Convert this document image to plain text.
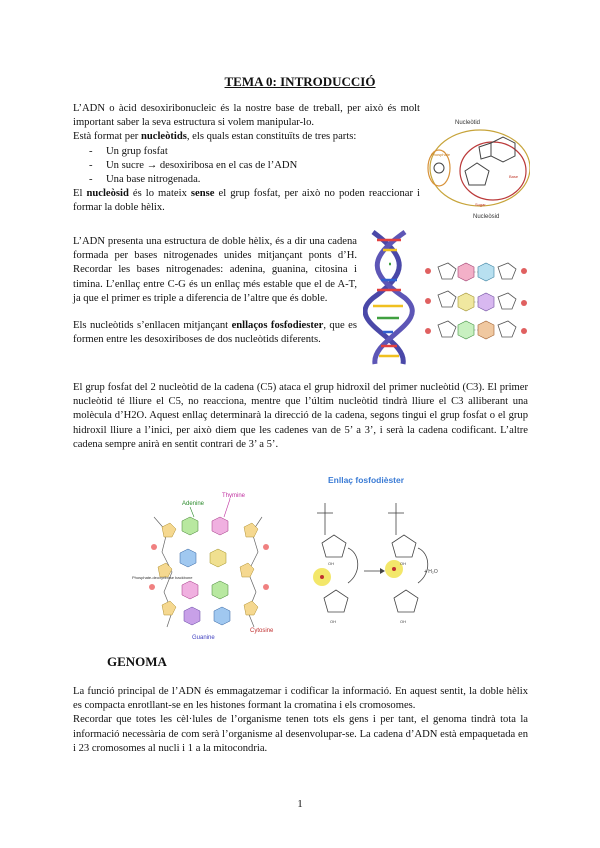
TEMA 0: INTRODUCCIÓ

L’ADN o àcid desoxiribonucleic és la nostre base de treball, per això és molt important saber la seva estructura si volem manipular-lo.

Està format per nucleòtids, els quals estan constituïts de tres parts:

- Un grup fosfat
- Un sucre → desoxiribosa en el cas de l’ADN
- Una base nitrogenada.

El nucleòsid és lo mateix sense el grup fosfat, per això no poden reaccionar i formar la doble hèlix.

Nucleòtid
Phosphate
Base
Sugar
Nucleòsid

L’ADN presenta una estructura de doble hèlix, és a dir una cadena formada per bases nitrogenades unides mitjançant ponts d’H. Recordar les bases nitrogenades: adenina, guanina, citosina i timina. L’enllaç entre C-G és un enllaç més estable que el de A-T, ja que el primer es triple a diferencia de l’altre que és doble.

Els nucleòtids s’enllacen mitjançant enllaços fosfodiester, que es formen entre les desoxiriboses de dos nucleòtids diferents.

El grup fosfat del 2 nucleòtid de la cadena (C5) ataca el grup hidroxil del primer nucleòtid (C3). El primer nucleòtid té lliure el C5, no reacciona, mentre que l’últim nucleòtid tindrà lliure el C3 alliberant una molècula d’H2O. Aquest enllaç determinarà la direcció de la cadena, segons tingui el grup fosfat o el grup hidroxil lliure a l’inici, per això diem que les cadenes van de 5’ a 3’, i serà la cadena codificant. L’altre cadena sempre anirà en sentit contrari de 3’ a 5’.

Adenine
Thymine
Phosphate-deoxyribose backbone
Guanine
Cytosine
Enllaç fosfodièster
+ H₂O
OH	OH
OH	OH
GENOMA

La funció principal de l’ADN és emmagatzemar i codificar la informació. En aquest sentit, la doble hèlix es compacta enrotllant-se en les histones formant la cromatina i els cromosomes.

Recordar que totes les cèl·lules de l’organisme tenen tots els gens i per tant, el genoma tindrà tota la informació necessària de com serà l’organisme al desenvolupar-se. La cadena d’ADN està empaquetada en i 23 cromosomes al nucli i 1 a la mitocondria.

1
